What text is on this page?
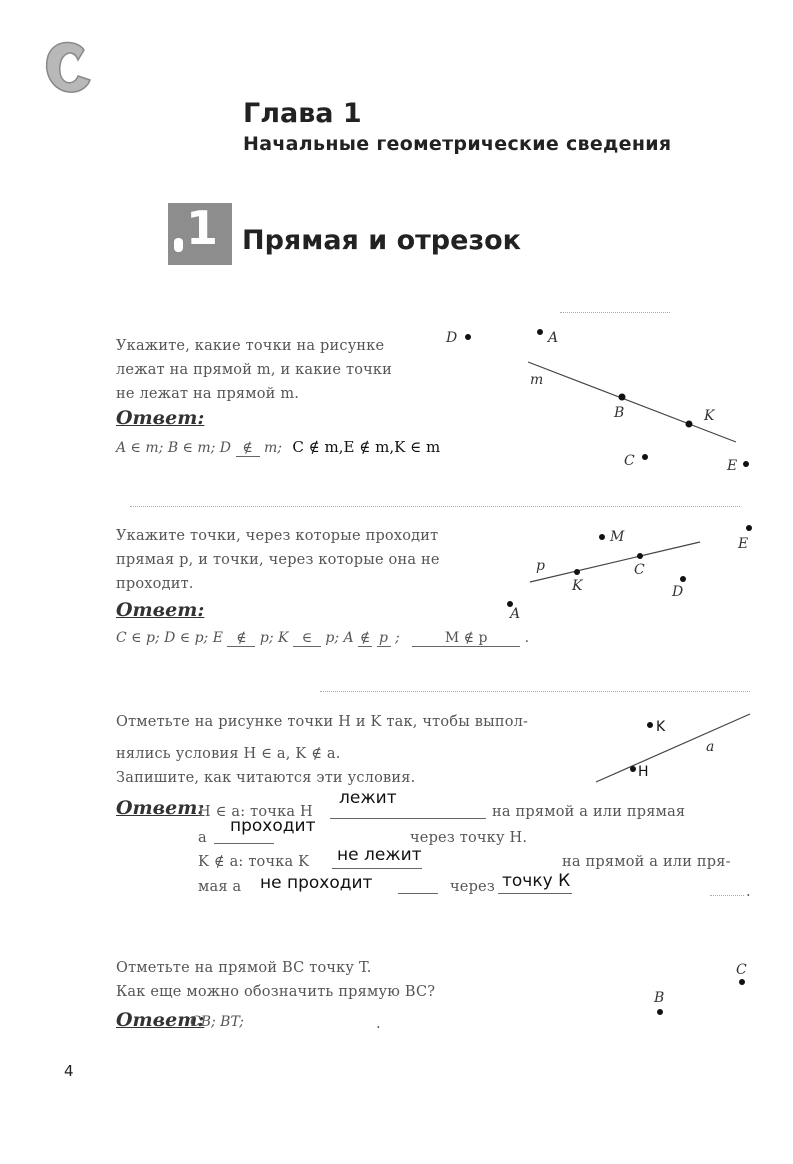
Глава 1
Начальные геометрические сведения
1 Прямая и отрезок
Укажите, какие точки на рисунке
лежат на прямой m, и какие точки
не лежат на прямой m.
Ответ:
A ∈ m; B ∈ m; D ∉ m; C ∉ m,E ∉ m,K ∈ m
D	A
m
B	K
C	E
Укажите точки, через которые проходит
прямая p, и точки, через которые она не
проходит.
Ответ:
C ∈ p; D ∈ p; E ∉ p; K ∈ p; A ∉ p ;	M ∉ p	.
M	E
p
K
C
D
A
Отметьте на рисунке точки H и K так, чтобы выпол-
нялись условия H ∈ a, K ∉ a.
Запишите, как читаются эти условия.
K
a
H
Ответ:
H ∈ a: точка H
лежит
на прямой a или прямая
a
проходит
через точку H.
K ∉ a: точка K не лежит	на прямой a или пря-
мая a не проходит	через точку К
.
Отметьте на прямой BC точку T.
Как еще можно обозначить прямую BC?
Ответ:
CB; BT;	.
C
B
4
